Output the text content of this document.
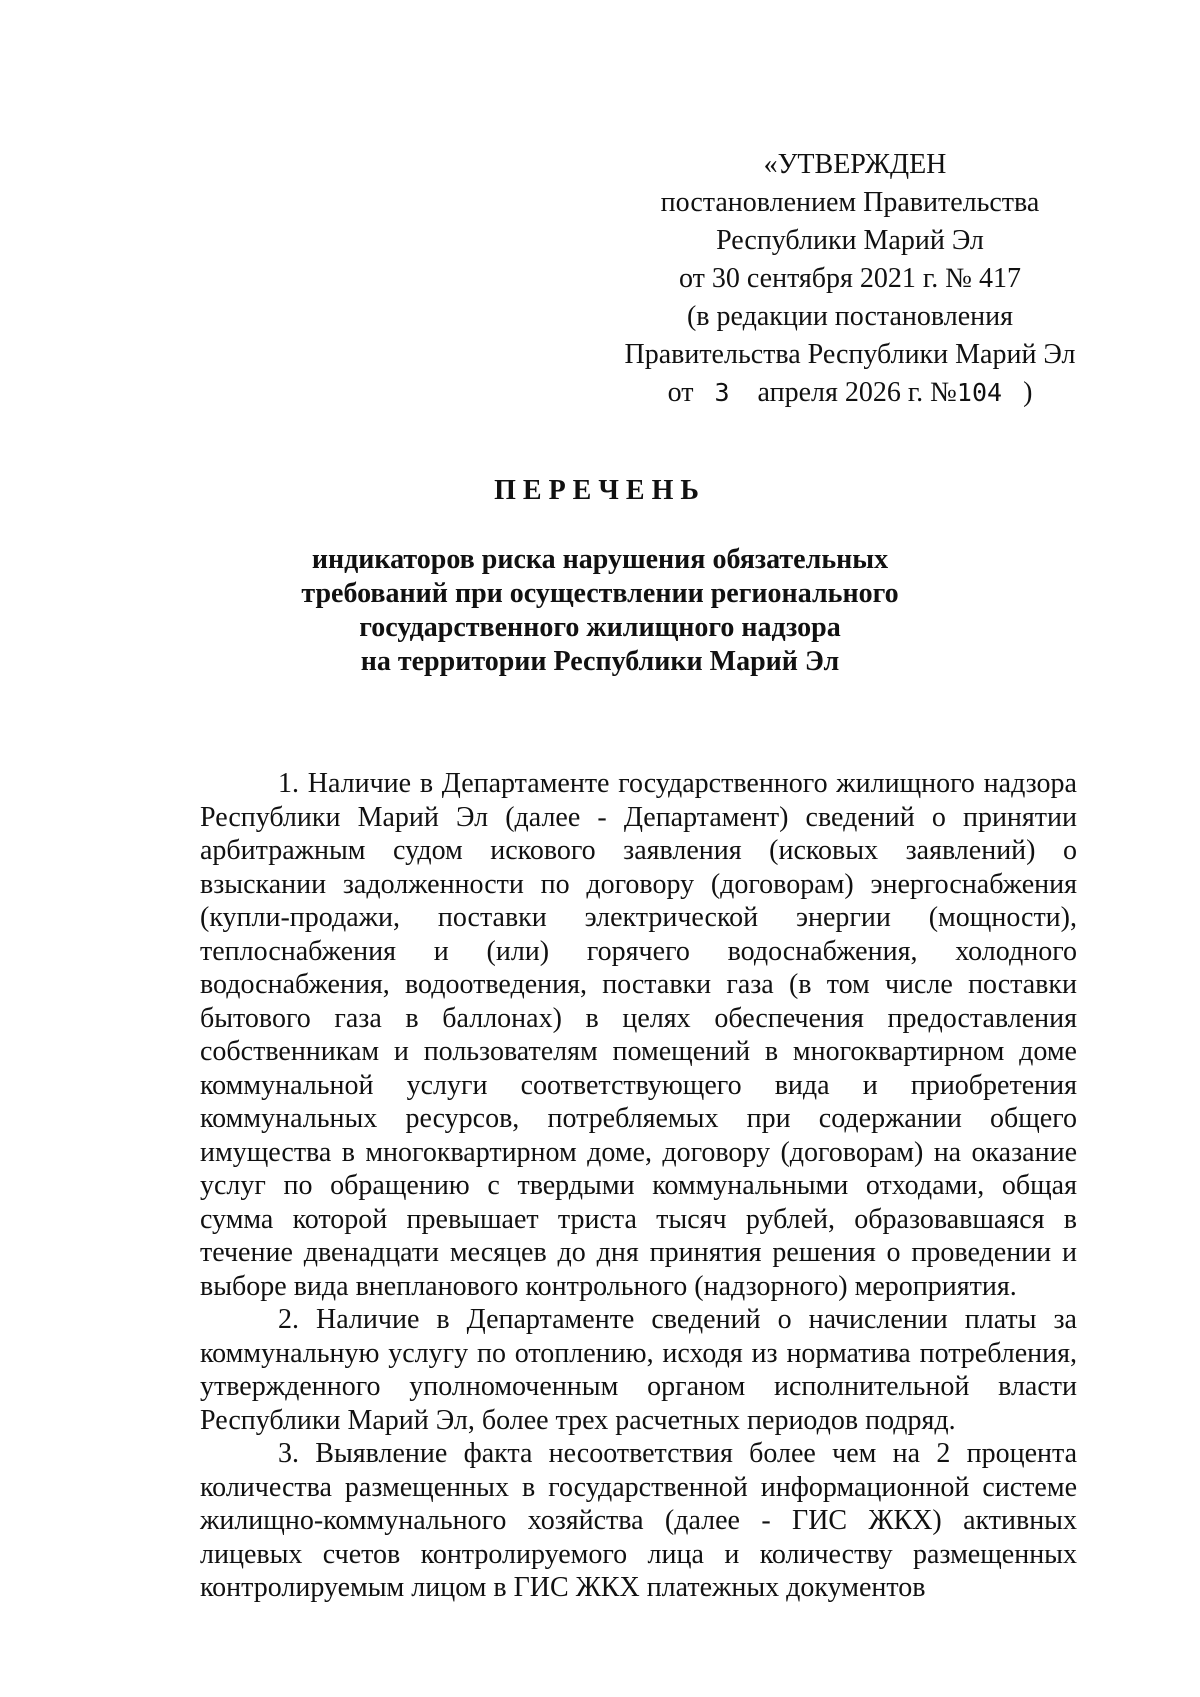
«УТВЕРЖДЕН
постановлением Правительства
Республики Марий Эл
от 30 сентября 2021 г. № 417
(в редакции постановления
Правительства Республики Марий Эл
от 3 апреля 2026 г. №104 )
ПЕРЕЧЕНЬ
индикаторов риска нарушения обязательных
требований при осуществлении регионального
государственного жилищного надзора
на территории Республики Марий Эл

1. Наличие в Департаменте государственного жилищного надзора Республики Марий Эл (далее - Департамент) сведений о принятии арбитражным судом искового заявления (исковых заявлений) о взыскании задолженности по договору (договорам) энергоснабжения (купли-продажи, поставки электрической энергии (мощности), теплоснабжения и (или) горячего водоснабжения, холодного водоснабжения, водоотведения, поставки газа (в том числе поставки бытового газа в баллонах) в целях обеспечения предоставления собственникам и пользователям помещений в многоквартирном доме коммунальной услуги соответствующего вида и приобретения коммунальных ресурсов, потребляемых при содержании общего имущества в многоквартирном доме, договору (договорам) на оказание услуг по обращению с твердыми коммунальными отходами, общая сумма которой превышает триста тысяч рублей, образовавшаяся в течение двенадцати месяцев до дня принятия решения о проведении и выборе вида внепланового контрольного (надзорного) мероприятия.

2. Наличие в Департаменте сведений о начислении платы за коммунальную услугу по отоплению, исходя из норматива потребления, утвержденного уполномоченным органом исполнительной власти Республики Марий Эл, более трех расчетных периодов подряд.

3. Выявление факта несоответствия более чем на 2 процента количества размещенных в государственной информационной системе жилищно-коммунального хозяйства (далее - ГИС ЖКХ) активных лицевых счетов контролируемого лица и количеству размещенных контролируемым лицом в ГИС ЖКХ платежных документов
